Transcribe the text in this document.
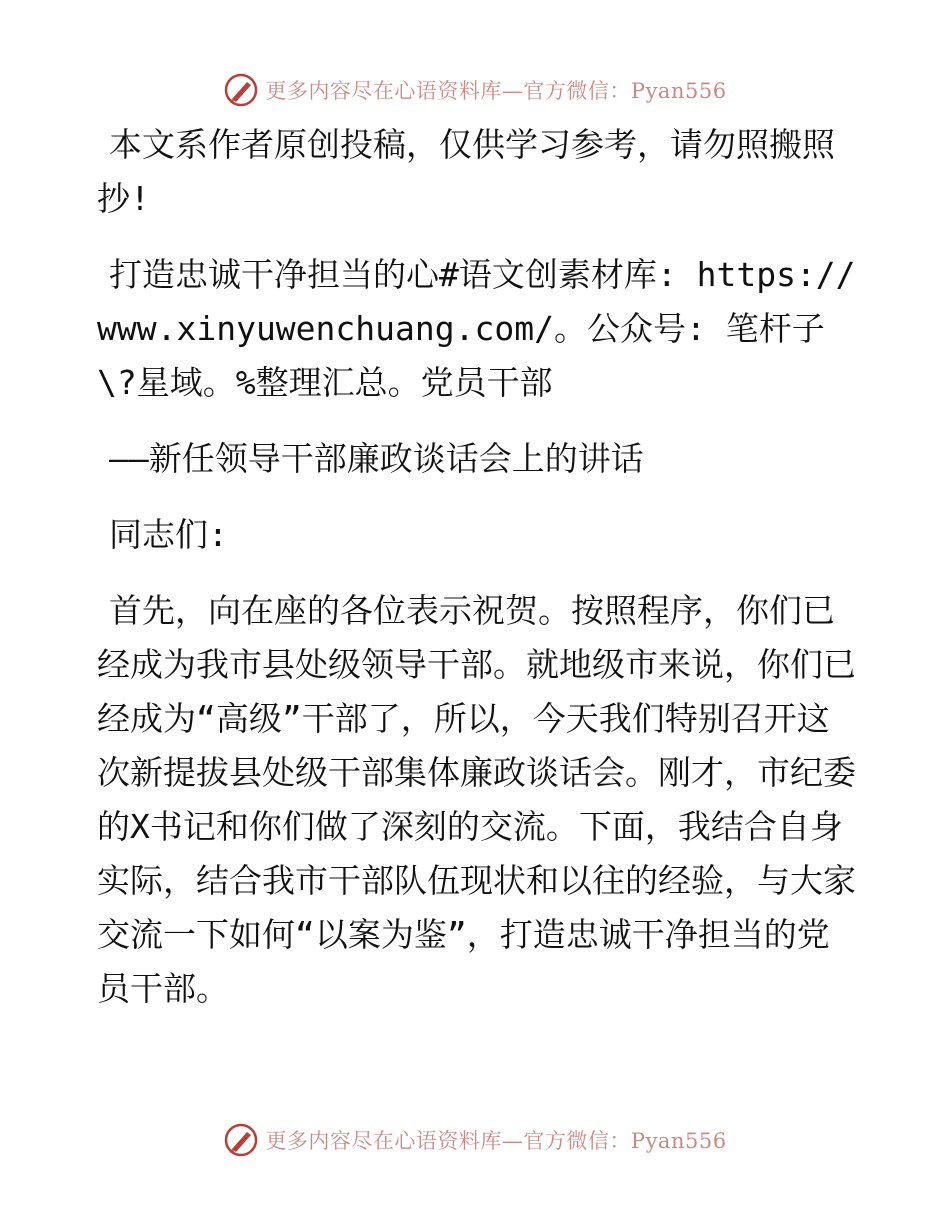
更多内容尽在心语资料库—官方微信：Pyan556

本文系作者原创投稿，仅供学习参考，请勿照搬照抄!

打造忠诚干净担当的心#语文创素材库: https://www.xinyuwenchuang.com/。公众号: 笔杆子\?星域。%整理汇总。党员干部

——新任领导干部廉政谈话会上的讲话

同志们:

首先，向在座的各位表示祝贺。按照程序，你们已经成为我市县处级领导干部。就地级市来说，你们已经成为“高级”干部了，所以，今天我们特别召开这次新提拔县处级干部集体廉政谈话会。刚才，市纪委的X书记和你们做了深刻的交流。下面，我结合自身实际，结合我市干部队伍现状和以往的经验，与大家交流一下如何“以案为鉴”，打造忠诚干净担当的党员干部。

更多内容尽在心语资料库—官方微信：Pyan556
